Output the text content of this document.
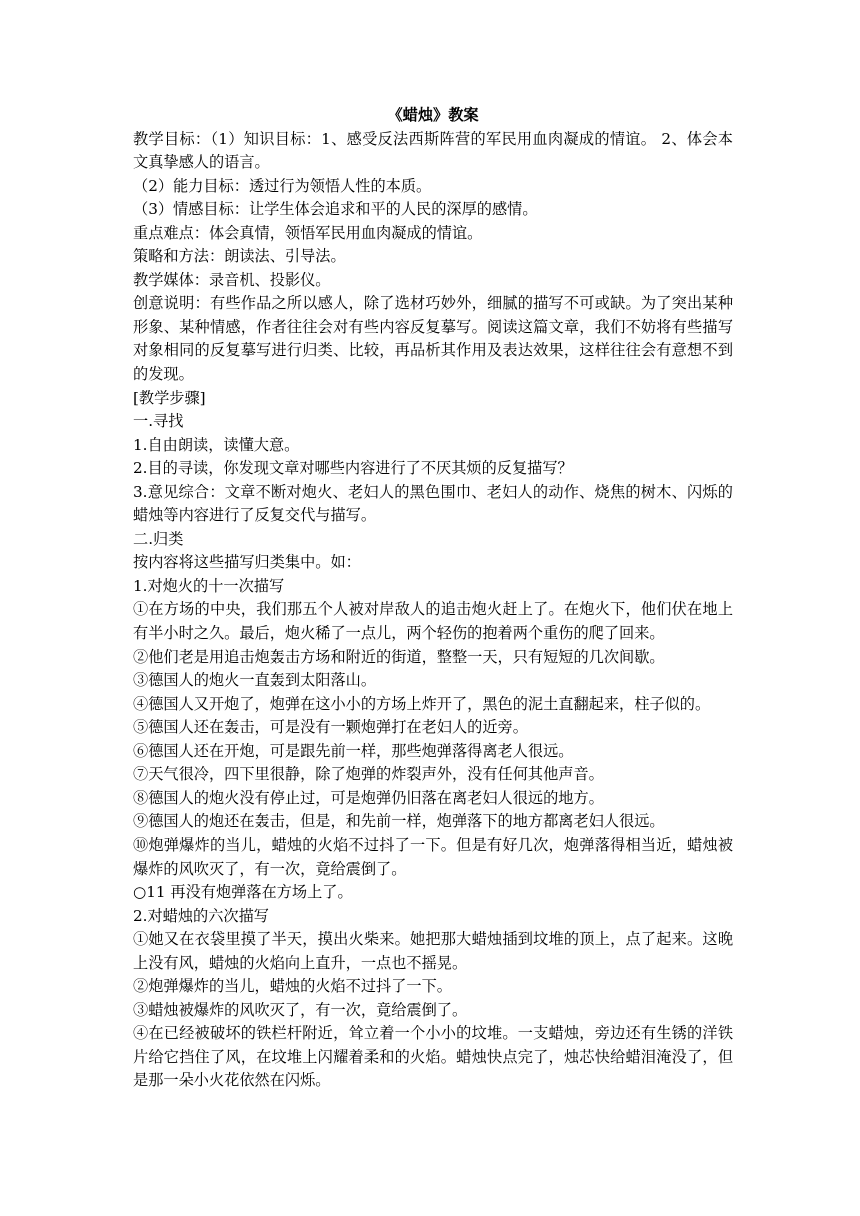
《蜡烛》教案

教学目标：（1）知识目标：1、感受反法西斯阵营的军民用血肉凝成的情谊。 2、体会本文真挚感人的语言。

（2）能力目标：透过行为领悟人性的本质。

（3）情感目标：让学生体会追求和平的人民的深厚的感情。

重点难点：体会真情，领悟军民用血肉凝成的情谊。

策略和方法：朗读法、引导法。

教学媒体：录音机、投影仪。

创意说明：有些作品之所以感人，除了选材巧妙外，细腻的描写不可或缺。为了突出某种形象、某种情感，作者往往会对有些内容反复摹写。阅读这篇文章，我们不妨将有些描写对象相同的反复摹写进行归类、比较，再品析其作用及表达效果，这样往往会有意想不到的发现。

[教学步骤]

一.寻找

1.自由朗读，读懂大意。

2.目的寻读，你发现文章对哪些内容进行了不厌其烦的反复描写？

3.意见综合：文章不断对炮火、老妇人的黑色围巾、老妇人的动作、烧焦的树木、闪烁的蜡烛等内容进行了反复交代与描写。

二.归类

按内容将这些描写归类集中。如：

1.对炮火的十一次描写

①在方场的中央，我们那五个人被对岸敌人的追击炮火赶上了。在炮火下，他们伏在地上有半小时之久。最后，炮火稀了一点儿，两个轻伤的抱着两个重伤的爬了回来。

②他们老是用追击炮轰击方场和附近的街道，整整一天，只有短短的几次间歇。

③德国人的炮火一直轰到太阳落山。

④德国人又开炮了，炮弹在这小小的方场上炸开了，黑色的泥土直翻起来，柱子似的。

⑤德国人还在轰击，可是没有一颗炮弹打在老妇人的近旁。

⑥德国人还在开炮，可是跟先前一样，那些炮弹落得离老人很远。

⑦天气很冷，四下里很静，除了炮弹的炸裂声外，没有任何其他声音。

⑧德国人的炮火没有停止过，可是炮弹仍旧落在离老妇人很远的地方。

⑨德国人的炮还在轰击，但是，和先前一样，炮弹落下的地方都离老妇人很远。

⑩炮弹爆炸的当儿，蜡烛的火焰不过抖了一下。但是有好几次，炮弹落得相当近，蜡烛被爆炸的风吹灭了，有一次，竟给震倒了。

○11 再没有炮弹落在方场上了。

2.对蜡烛的六次描写

①她又在衣袋里摸了半天，摸出火柴来。她把那大蜡烛插到坟堆的顶上，点了起来。这晚上没有风，蜡烛的火焰向上直升，一点也不摇晃。

②炮弹爆炸的当儿，蜡烛的火焰不过抖了一下。

③蜡烛被爆炸的风吹灭了，有一次，竟给震倒了。

④在已经被破坏的铁栏杆附近，耸立着一个小小的坟堆。一支蜡烛，旁边还有生锈的洋铁片给它挡住了风，在坟堆上闪耀着柔和的火焰。蜡烛快点完了，烛芯快给蜡泪淹没了，但是那一朵小火花依然在闪烁。
